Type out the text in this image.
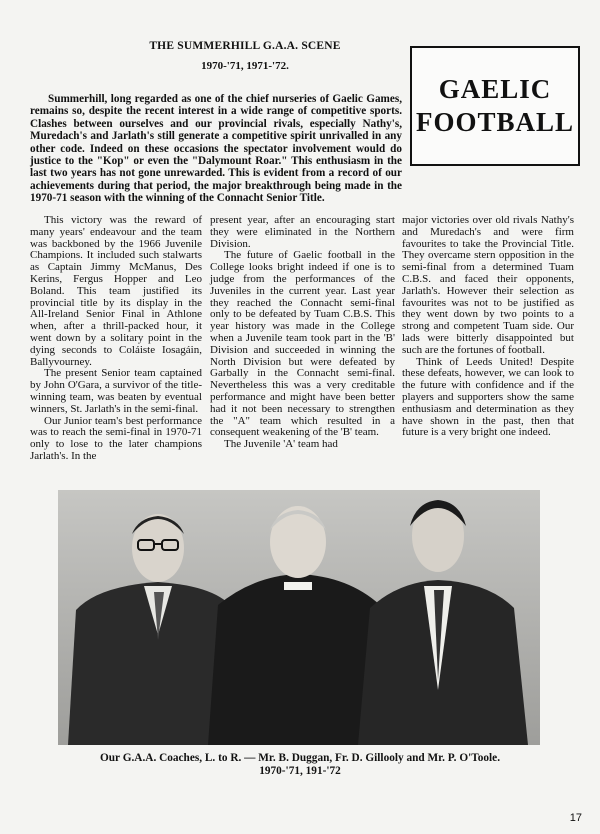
THE SUMMERHILL G.A.A. SCENE
1970-'71, 1971-'72.
Summerhill, long regarded as one of the chief nurseries of Gaelic Games, remains so, despite the recent interest in a wide range of competitive sports. Clashes between ourselves and our provincial rivals, especially Nathy's, Muredach's and Jarlath's still generate a competitive spirit unrivalled in any other code. Indeed on these occasions the spectator involvement would do justice to the "Kop" or even the "Dalymount Roar." This enthusiasm in the last two years has not gone unrewarded. This is evident from a record of our achievements during that period, the major breakthrough being made in the 1970-71 season with the winning of the Connacht Senior Title.
GAELIC
FOOTBALL

This victory was the reward of many years' endeavour and the team was backboned by the 1966 Juvenile Champions. It included such stalwarts as Captain Jimmy McManus, Des Kerins, Fergus Hopper and Leo Boland. This team justified its provincial title by its display in the All-Ireland Senior Final in Athlone when, after a thrill-packed hour, it went down by a solitary point in the dying seconds to Coláiste Iosagáin, Ballyvourney.

The present Senior team captained by John O'Gara, a survivor of the title-winning team, was beaten by eventual winners, St. Jarlath's in the semi-final.

Our Junior team's best performance was to reach the semi-final in 1970-71 only to lose to the later champions Jarlath's. In the

present year, after an encouraging start they were eliminated in the Northern Division.

The future of Gaelic football in the College looks bright indeed if one is to judge from the performances of the Juveniles in the current year. Last year they reached the Connacht semi-final only to be defeated by Tuam C.B.S. This year history was made in the College when a Juvenile team took part in the 'B' Division and succeeded in winning the North Division but were defeated by Garbally in the Connacht semi-final. Nevertheless this was a very creditable performance and might have been better had it not been necessary to strengthen the "A" team which resulted in a consequent weakening of the 'B' team.

The Juvenile 'A' team had

major victories over old rivals Nathy's and Muredach's and were firm favourites to take the Provincial Title. They overcame stern opposition in the semi-final from a determined Tuam C.B.S. and faced their opponents, Jarlath's. However their selection as favourites was not to be justified as they went down by two points to a strong and competent Tuam side. Our lads were bitterly disappointed but such are the fortunes of football.

Think of Leeds United! Despite these defeats, however, we can look to the future with confidence and if the players and supporters show the same enthusiasm and determination as they have shown in the past, then that future is a very bright one indeed.

Our G.A.A. Coaches, L. to R. — Mr. B. Duggan, Fr. D. Gillooly and Mr. P. O'Toole.
1970-'71, 191-'72
17
